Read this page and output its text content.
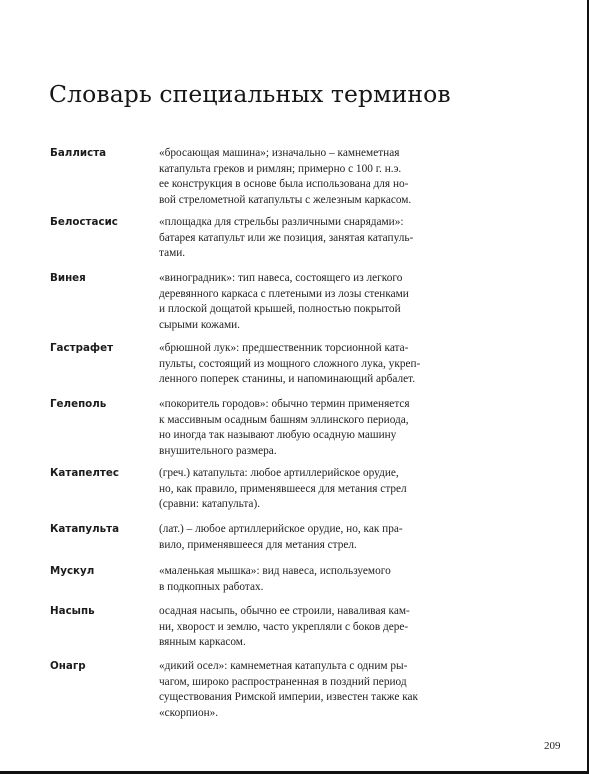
Словарь специальных терминов
Баллиста	«бросающая машина»; изначально – камнеметная
катапульта греков и римлян; примерно с 100 г. н.э.
ее конструкция в основе была использована для но-
вой стрелометной катапульты с железным каркасом.
Белостасис	«площадка для стрельбы различными снарядами»:
батарея катапульт или же позиция, занятая катапуль-
тами.
Винея	«виноградник»: тип навеса, состоящего из легкого
деревянного каркаса с плетеными из лозы стенками
и плоской дощатой крышей, полностью покрытой
сырыми кожами.
Гастрафет	«брюшной лук»: предшественник торсионной ката-
пульты, состоящий из мощного сложного лука, укреп-
ленного поперек станины, и напоминающий арбалет.
Гелеполь	«покоритель городов»: обычно термин применяется
к массивным осадным башням эллинского периода,
но иногда так называют любую осадную машину
внушительного размера.
Катапелтес	(греч.) катапульта: любое артиллерийское орудие,
но, как правило, применявшееся для метания стрел
(сравни: катапульта).
Катапульта	(лат.) – любое артиллерийское орудие, но, как пра-
вило, применявшееся для метания стрел.
Мускул	«маленькая мышка»: вид навеса, используемого
в подкопных работах.
Насыпь	осадная насыпь, обычно ее строили, наваливая кам-
ни, хворост и землю, часто укрепляли с боков дере-
вянным каркасом.
Онагр	«дикий осел»: камнеметная катапульта с одним ры-
чагом, широко распространенная в поздний период
существования Римской империи, известен также как
«скорпион».
209
